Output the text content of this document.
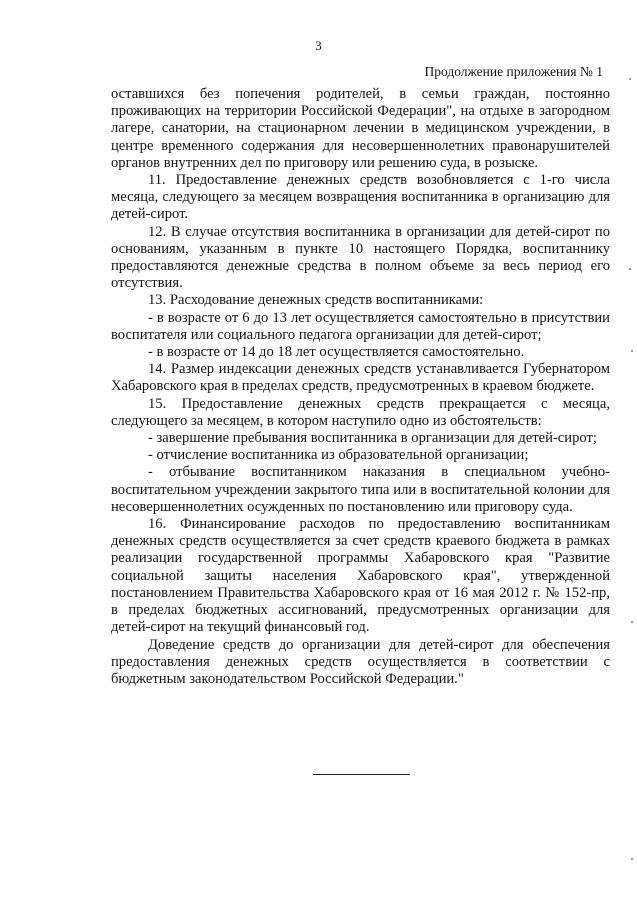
3
Продолжение приложения № 1

оставшихся без попечения родителей, в семьи граждан, постоянно проживающих на территории Российской Федерации", на отдыхе в загородном лагере, санатории, на стационарном лечении в медицинском учреждении, в центре временного содержания для несовершеннолетних правонарушителей органов внутренних дел по приговору или решению суда, в розыске.

11. Предоставление денежных средств возобновляется с 1-го числа месяца, следующего за месяцем возвращения воспитанника в организацию для детей-сирот.

12. В случае отсутствия воспитанника в организации для детей-сирот по основаниям, указанным в пункте 10 настоящего Порядка, воспитаннику предоставляются денежные средства в полном объеме за весь период его отсутствия.

13. Расходование денежных средств воспитанниками:

- в возрасте от 6 до 13 лет осуществляется самостоятельно в присутствии воспитателя или социального педагога организации для детей-сирот;

- в возрасте от 14 до 18 лет осуществляется самостоятельно.

14. Размер индексации денежных средств устанавливается Губернатором Хабаровского края в пределах средств, предусмотренных в краевом бюджете.

15. Предоставление денежных средств прекращается с месяца, следующего за месяцем, в котором наступило одно из обстоятельств:

- завершение пребывания воспитанника в организации для детей-сирот;

- отчисление воспитанника из образовательной организации;

- отбывание воспитанником наказания в специальном учебно-воспитательном учреждении закрытого типа или в воспитательной колонии для несовершеннолетних осужденных по постановлению или приговору суда.

16. Финансирование расходов по предоставлению воспитанникам денежных средств осуществляется за счет средств краевого бюджета в рамках реализации государственной программы Хабаровского края "Развитие социальной защиты населения Хабаровского края", утвержденной постановлением Правительства Хабаровского края от 16 мая 2012 г. № 152-пр, в пределах бюджетных ассигнований, предусмотренных организации для детей-сирот на текущий финансовый год.

Доведение средств до организации для детей-сирот для обеспечения предоставления денежных средств осуществляется в соответствии с бюджетным законодательством Российской Федерации."
